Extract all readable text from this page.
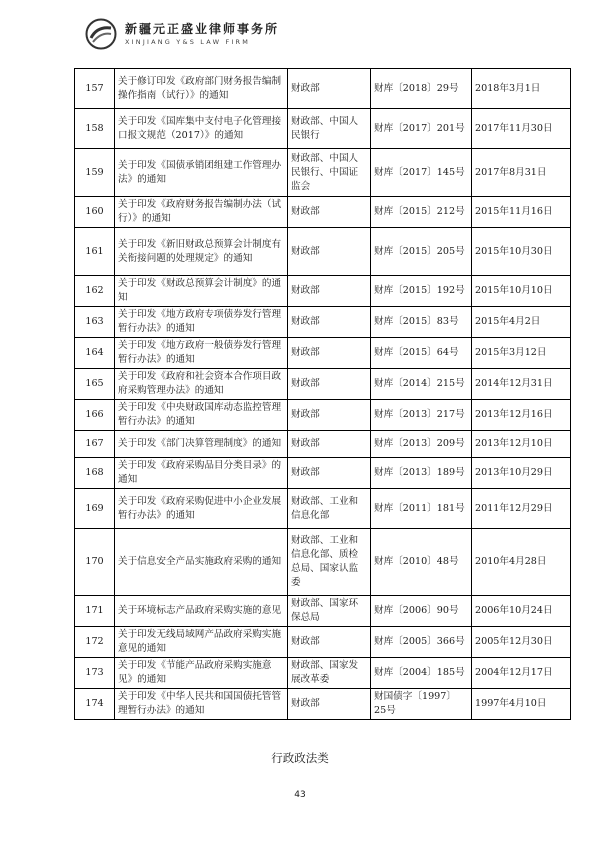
新疆元正盛业律师事务所
XINJIANG Y&S LAW FIRM
157	关于修订印发《政府部门财务报告编制操作指南（试行）》的通知	财政部	财库〔2018〕29号	2018年3月1日
158	关于印发《国库集中支付电子化管理接口报文规范（2017）》的通知	财政部、中国人民银行	财库〔2017〕201号	2017年11月30日
159	关于印发《国债承销团组建工作管理办法》的通知	财政部、中国人民银行、中国证监会	财库〔2017〕145号	2017年8月31日
160	关于印发《政府财务报告编制办法（试行）》的通知	财政部	财库〔2015〕212号	2015年11月16日
161	关于印发《新旧财政总预算会计制度有关衔接问题的处理规定》的通知	财政部	财库〔2015〕205号	2015年10月30日
162	关于印发《财政总预算会计制度》的通知	财政部	财库〔2015〕192号	2015年10月10日
163	关于印发《地方政府专项债券发行管理暂行办法》的通知	财政部	财库〔2015〕83号	2015年4月2日
164	关于印发《地方政府一般债券发行管理暂行办法》的通知	财政部	财库〔2015〕64号	2015年3月12日
165	关于印发《政府和社会资本合作项目政府采购管理办法》的通知	财政部	财库〔2014〕215号	2014年12月31日
166	关于印发《中央财政国库动态监控管理暂行办法》的通知	财政部	财库〔2013〕217号	2013年12月16日
167	关于印发《部门决算管理制度》的通知	财政部	财库〔2013〕209号	2013年12月10日
168	关于印发《政府采购品目分类目录》的通知	财政部	财库〔2013〕189号	2013年10月29日
169	关于印发《政府采购促进中小企业发展暂行办法》的通知	财政部、工业和信息化部	财库〔2011〕181号	2011年12月29日
170	关于信息安全产品实施政府采购的通知	财政部、工业和信息化部、质检总局、国家认监委	财库〔2010〕48号	2010年4月28日
171	关于环境标志产品政府采购实施的意见	财政部、国家环保总局	财库〔2006〕90号	2006年10月24日
172	关于印发无线局域网产品政府采购实施意见的通知	财政部	财库〔2005〕366号	2005年12月30日
173	关于印发《节能产品政府采购实施意见》的通知	财政部、国家发展改革委	财库〔2004〕185号	2004年12月17日
174	关于印发《中华人民共和国国债托管管理暂行办法》的通知	财政部	财国债字〔1997〕25号	1997年4月10日
行政政法类
43
